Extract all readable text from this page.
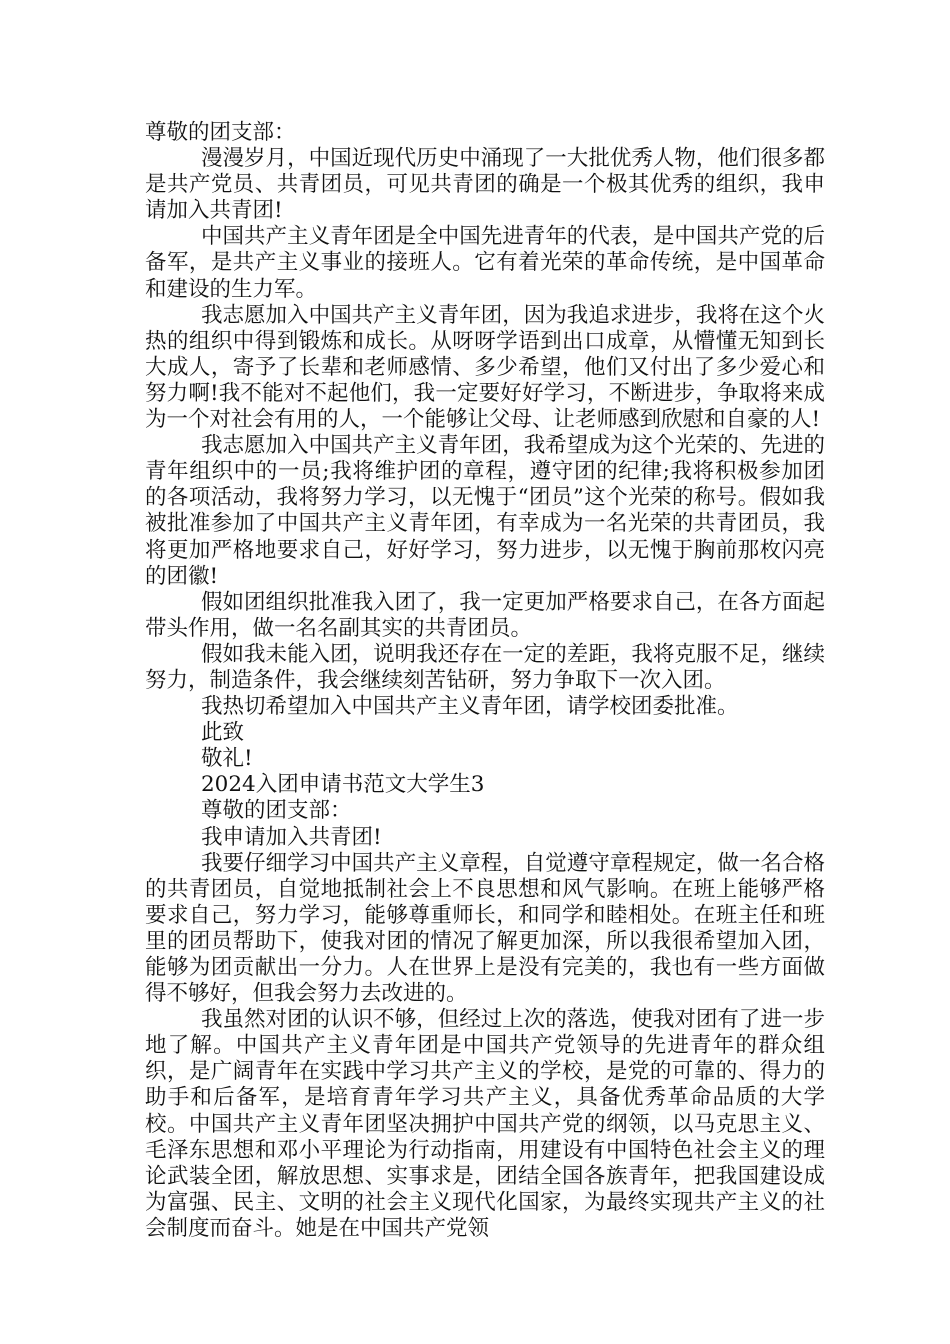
尊敬的团支部：

漫漫岁月，中国近现代历史中涌现了一大批优秀人物，他们很多都是共产党员、共青团员，可见共青团的确是一个极其优秀的组织，我申请加入共青团!

中国共产主义青年团是全中国先进青年的代表，是中国共产党的后备军，是共产主义事业的接班人。它有着光荣的革命传统，是中国革命和建设的生力军。

我志愿加入中国共产主义青年团，因为我追求进步，我将在这个火热的组织中得到锻炼和成长。从呀呀学语到出口成章，从懵懂无知到长大成人，寄予了长辈和老师感情、多少希望，他们又付出了多少爱心和努力啊!我不能对不起他们，我一定要好好学习，不断进步，争取将来成为一个对社会有用的人，一个能够让父母、让老师感到欣慰和自豪的人!

我志愿加入中国共产主义青年团，我希望成为这个光荣的、先进的青年组织中的一员;我将维护团的章程，遵守团的纪律;我将积极参加团的各项活动，我将努力学习，以无愧于“团员”这个光荣的称号。假如我被批准参加了中国共产主义青年团，有幸成为一名光荣的共青团员，我将更加严格地要求自己，好好学习，努力进步，以无愧于胸前那枚闪亮的团徽!

假如团组织批准我入团了，我一定更加严格要求自己，在各方面起带头作用，做一名名副其实的共青团员。

假如我未能入团，说明我还存在一定的差距，我将克服不足，继续努力，制造条件，我会继续刻苦钻研，努力争取下一次入团。

我热切希望加入中国共产主义青年团，请学校团委批准。

此致

敬礼!

2024入团申请书范文大学生3

尊敬的团支部：

我申请加入共青团!

我要仔细学习中国共产主义章程，自觉遵守章程规定，做一名合格的共青团员，自觉地抵制社会上不良思想和风气影响。在班上能够严格要求自己，努力学习，能够尊重师长，和同学和睦相处。在班主任和班里的团员帮助下，使我对团的情况了解更加深，所以我很希望加入团，能够为团贡献出一分力。人在世界上是没有完美的，我也有一些方面做得不够好，但我会努力去改进的。

我虽然对团的认识不够，但经过上次的落选，使我对团有了进一步地了解。中国共产主义青年团是中国共产党领导的先进青年的群众组织，是广阔青年在实践中学习共产主义的学校，是党的可靠的、得力的助手和后备军，是培育青年学习共产主义，具备优秀革命品质的大学校。中国共产主义青年团坚决拥护中国共产党的纲领，以马克思主义、毛泽东思想和邓小平理论为行动指南，用建设有中国特色社会主义的理论武装全团，解放思想、实事求是，团结全国各族青年，把我国建设成为富强、民主、文明的社会主义现代化国家，为最终实现共产主义的社会制度而奋斗。她是在中国共产党领
